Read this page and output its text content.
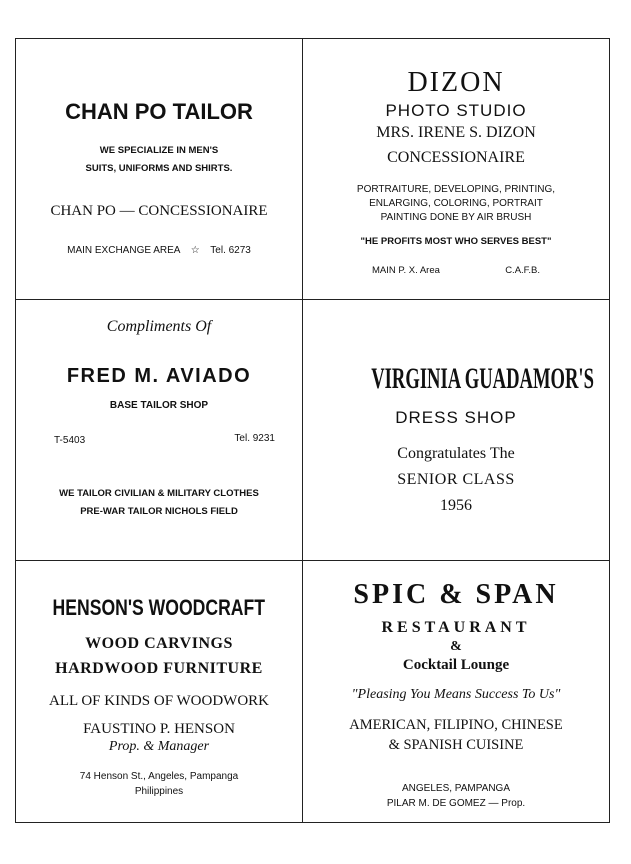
CHAN PO TAILOR

WE SPECIALIZE IN MEN'S

SUITS, UNIFORMS AND SHIRTS.

CHAN PO — CONCESSIONAIRE

MAIN EXCHANGE AREA ☆ Tel. 6273

DIZON

PHOTO STUDIO

MRS. IRENE S. DIZON

CONCESSIONAIRE

PORTRAITURE, DEVELOPING, PRINTING,

ENLARGING, COLORING, PORTRAIT

PAINTING DONE BY AIR BRUSH

"HE PROFITS MOST WHO SERVES BEST"

MAIN P. X. Area	C.A.F.B.

Compliments Of

FRED M. AVIADO

BASE TAILOR SHOP

T-5403	Tel. 9231

WE TAILOR CIVILIAN & MILITARY CLOTHES

PRE-WAR TAILOR NICHOLS FIELD

VIRGINIA GUADAMOR'S

DRESS SHOP

Congratulates The

SENIOR CLASS

1956

HENSON'S WOODCRAFT

WOOD CARVINGS

HARDWOOD FURNITURE

ALL OF KINDS OF WOODWORK

FAUSTINO P. HENSON

Prop. & Manager

74 Henson St., Angeles, Pampanga

Philippines

SPIC & SPAN

RESTAURANT

&

Cocktail Lounge

"Pleasing You Means Success To Us"

AMERICAN, FILIPINO, CHINESE

& SPANISH CUISINE

ANGELES, PAMPANGA

PILAR M. DE GOMEZ — Prop.
